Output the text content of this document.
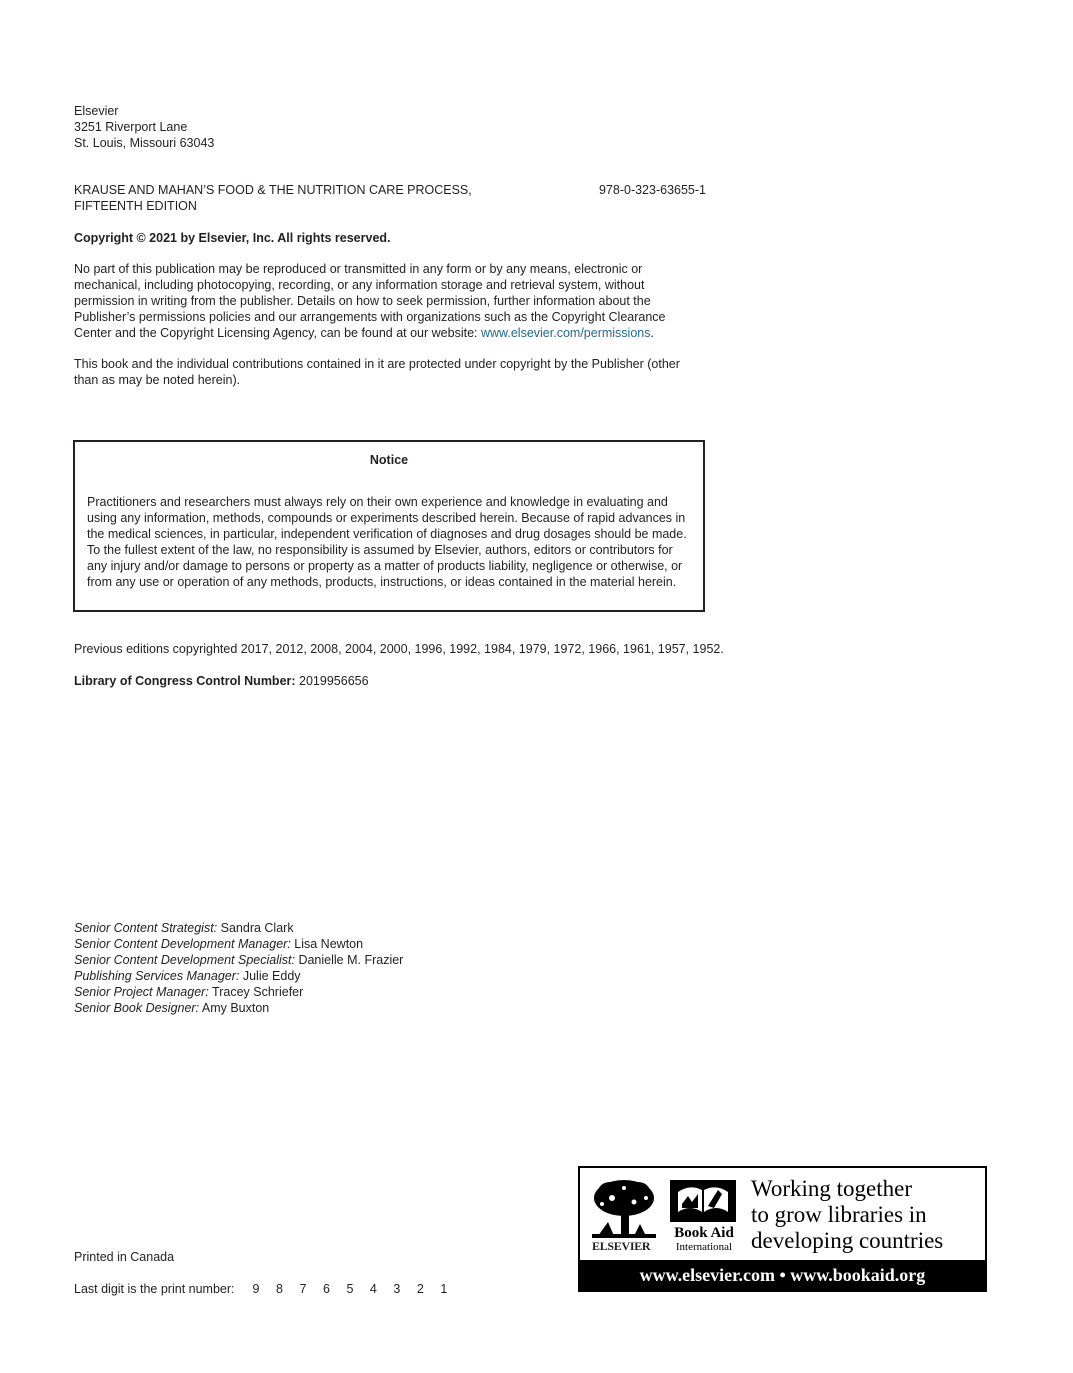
Elsevier
3251 Riverport Lane
St. Louis, Missouri 63043
KRAUSE AND MAHAN’S FOOD & THE NUTRITION CARE PROCESS,
FIFTEENTH EDITION
978-0-323-63655-1
Copyright © 2021 by Elsevier, Inc. All rights reserved.
No part of this publication may be reproduced or transmitted in any form or by any means, electronic or mechanical, including photocopying, recording, or any information storage and retrieval system, without permission in writing from the publisher. Details on how to seek permission, further information about the Publisher’s permissions policies and our arrangements with organizations such as the Copyright Clearance Center and the Copyright Licensing Agency, can be found at our website: www.elsevier.com/permissions.
This book and the individual contributions contained in it are protected under copyright by the Publisher (other than as may be noted herein).
Notice
Practitioners and researchers must always rely on their own experience and knowledge in evaluating and using any information, methods, compounds or experiments described herein. Because of rapid advances in the medical sciences, in particular, independent verification of diagnoses and drug dosages should be made. To the fullest extent of the law, no responsibility is assumed by Elsevier, authors, editors or contributors for any injury and/or damage to persons or property as a matter of products liability, negligence or otherwise, or from any use or operation of any methods, products, instructions, or ideas contained in the material herein.
Previous editions copyrighted 2017, 2012, 2008, 2004, 2000, 1996, 1992, 1984, 1979, 1972, 1966, 1961, 1957, 1952.
Library of Congress Control Number: 2019956656
Senior Content Strategist: Sandra Clark
Senior Content Development Manager: Lisa Newton
Senior Content Development Specialist: Danielle M. Frazier
Publishing Services Manager: Julie Eddy
Senior Project Manager: Tracey Schriefer
Senior Book Designer: Amy Buxton
Printed in Canada
Last digit is the print number: 9 8 7 6 5 4 3 2 1
ELSEVIER
Book Aid
International
Working together
to grow libraries in
developing countries
www.elsevier.com • www.bookaid.org
